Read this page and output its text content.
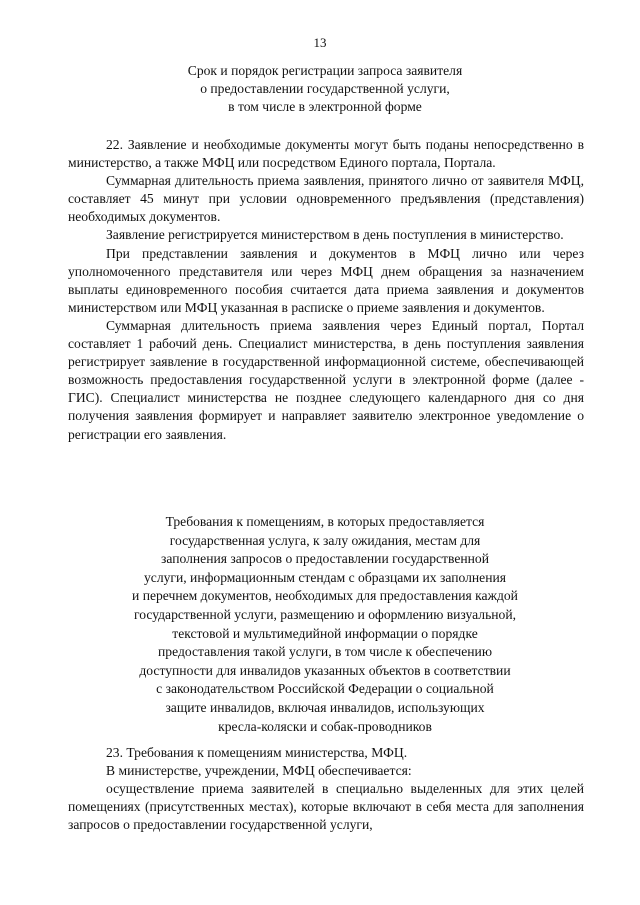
13
Срок и порядок регистрации запроса заявителя
о предоставлении государственной услуги,
в том числе в электронной форме

22. Заявление и необходимые документы могут быть поданы непосредственно в министерство, а также МФЦ или посредством Единого портала, Портала.

Суммарная длительность приема заявления, принятого лично от заявителя МФЦ, составляет 45 минут при условии одновременного предъявления (представления) необходимых документов.

Заявление регистрируется министерством в день поступления в министерство.

При представлении заявления и документов в МФЦ лично или через уполномоченного представителя или через МФЦ днем обращения за назначением выплаты единовременного пособия считается дата приема заявления и документов министерством или МФЦ указанная в расписке о приеме заявления и документов.

Суммарная длительность приема заявления через Единый портал, Портал составляет 1 рабочий день. Специалист министерства, в день поступления заявления регистрирует заявление в государственной информационной системе, обеспечивающей возможность предоставления государственной услуги в электронной форме (далее - ГИС). Специалист министерства не позднее следующего календарного дня со дня получения заявления формирует и направляет заявителю электронное уведомление о регистрации его заявления.

Требования к помещениям, в которых предоставляется
государственная услуга, к залу ожидания, местам для
заполнения запросов о предоставлении государственной
услуги, информационным стендам с образцами их заполнения
и перечнем документов, необходимых для предоставления каждой
государственной услуги, размещению и оформлению визуальной,
текстовой и мультимедийной информации о порядке
предоставления такой услуги, в том числе к обеспечению
доступности для инвалидов указанных объектов в соответствии
с законодательством Российской Федерации о социальной
защите инвалидов, включая инвалидов, использующих
кресла-коляски и собак-проводников

23. Требования к помещениям министерства, МФЦ.

В министерстве, учреждении, МФЦ обеспечивается:

осуществление приема заявителей в специально выделенных для этих целей помещениях (присутственных местах), которые включают в себя места для заполнения запросов о предоставлении государственной услуги,
